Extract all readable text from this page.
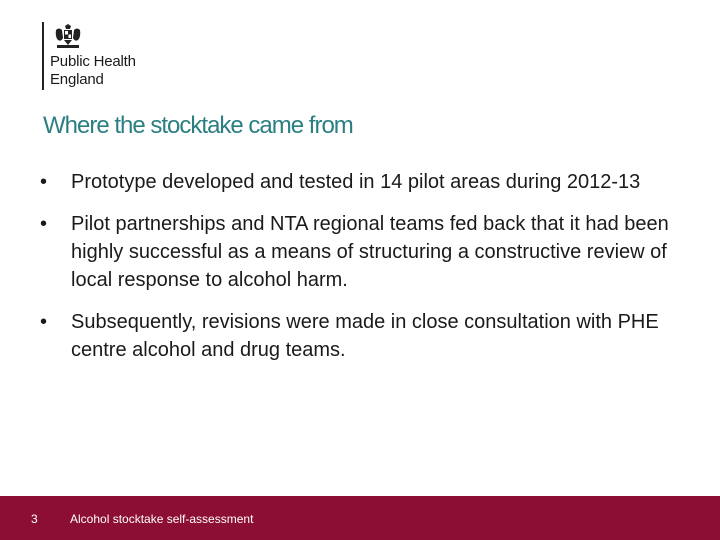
Public Health
England
Where the stocktake came from
• Prototype developed and tested in 14 pilot areas during 2012-13
• Pilot partnerships and NTA regional teams fed back that it had been highly successful as a means of structuring a constructive review of local response to alcohol harm.
• Subsequently, revisions were made in close consultation with PHE centre alcohol and drug teams.
3	Alcohol stocktake self-assessment
